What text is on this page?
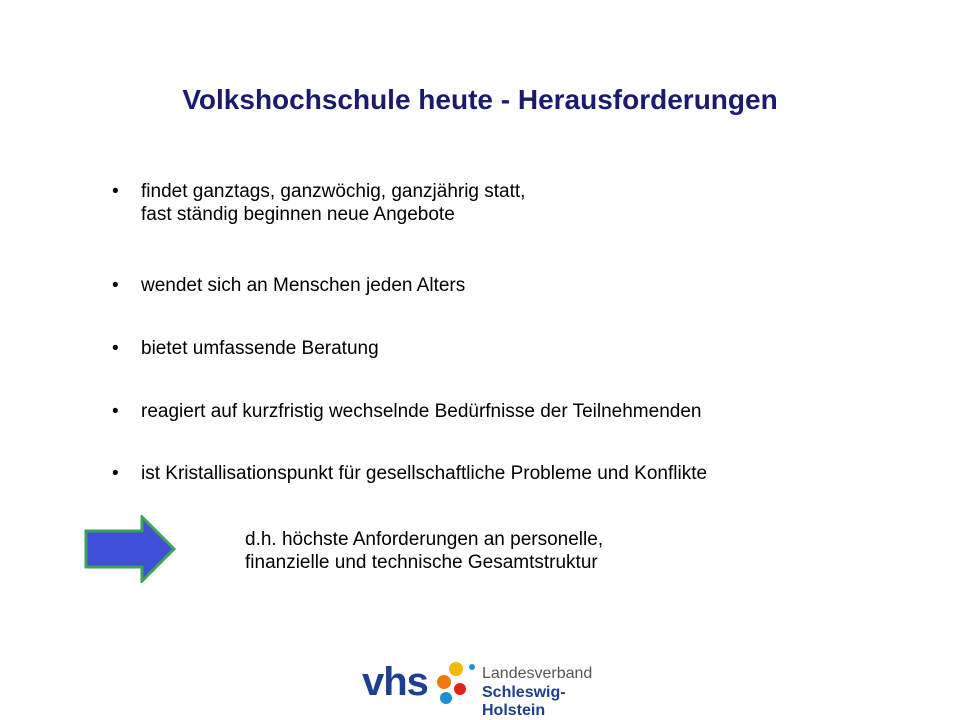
Volkshochschule heute - Herausforderungen
•	findet ganztags, ganzwöchig, ganzjährig statt,
fast ständig beginnen neue Angebote
•	wendet sich an Menschen jeden Alters
•	bietet umfassende Beratung
•	reagiert auf kurzfristig wechselnde Bedürfnisse der Teilnehmenden
•	ist Kristallisationspunkt für gesellschaftliche Probleme und Konflikte
d.h. höchste Anforderungen an personelle,
finanzielle und technische Gesamtstruktur
vhs	Landesverband
Schleswig-Holstein
